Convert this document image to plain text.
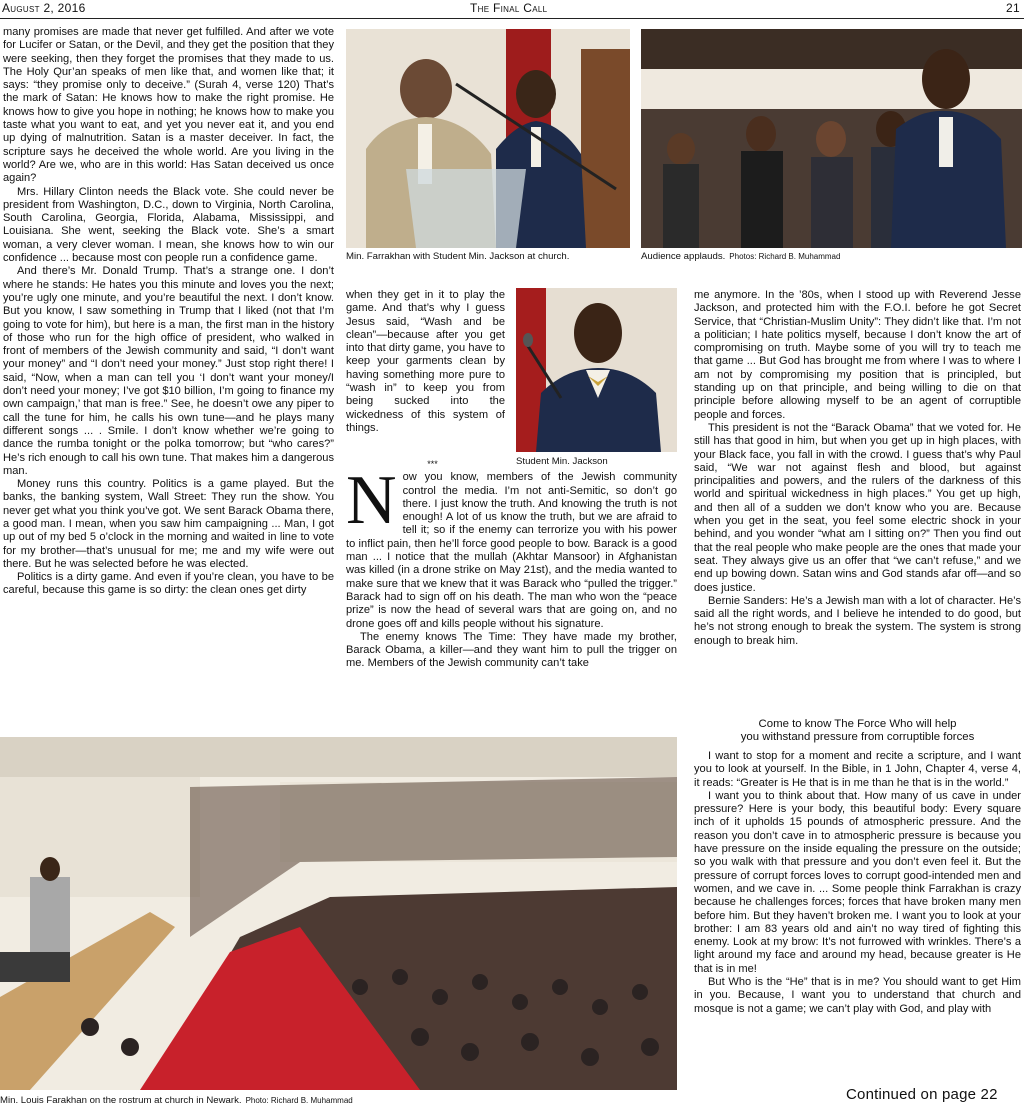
August 2, 2016	The Final Call	21

many promises are made that never get fulfilled. And after we vote for Lucifer or Satan, or the Devil, and they get the position that they were seeking, then they forget the promises that they made to us. The Holy Qur’an speaks of men like that, and women like that; it says: “they promise only to deceive.” (Surah 4, verse 120) That’s the mark of Satan: He knows how to make the right promise. He knows how to give you hope in nothing; he knows how to make you taste what you want to eat, and yet you never eat it, and you end up dying of malnutrition. Satan is a master deceiver. In fact, the scripture says he deceived the whole world. Are you living in the world? Are we, who are in this world: Has Satan deceived us once again?

Mrs. Hillary Clinton needs the Black vote. She could never be president from Washington, D.C., down to Virginia, North Carolina, South Carolina, Georgia, Florida, Alabama, Mississippi, and Louisiana. She went, seeking the Black vote. She’s a smart woman, a very clever woman. I mean, she knows how to win our confidence ... because most con people run a confidence game.

And there’s Mr. Donald Trump. That’s a strange one. I don’t where he stands: He hates you this minute and loves you the next; you’re ugly one minute, and you’re beautiful the next. I don’t know. But you know, I saw something in Trump that I liked (not that I’m going to vote for him), but here is a man, the first man in the history of those who run for the high office of president, who walked in front of members of the Jewish community and said, “I don’t want your money” and “I don’t need your money.” Just stop right there! I said, “Now, when a man can tell you ‘I don’t want your money/I don’t need your money; I’ve got $10 billion, I’m going to finance my own campaign,’ that man is free.” See, he doesn’t owe any piper to call the tune for him, he calls his own tune—and he plays many different songs ... . Smile. I don’t know whether we’re going to dance the rumba tonight or the polka tomorrow; but “who cares?” He’s rich enough to call his own tune. That makes him a dangerous man.

Money runs this country. Politics is a game played. But the banks, the banking system, Wall Street: They run the show. You never get what you think you’ve got. We sent Barack Obama there, a good man. I mean, when you saw him campaigning ... Man, I got up out of my bed 5 o’clock in the morning and waited in line to vote for my brother—that’s unusual for me; me and my wife were out there. But he was selected before he was elected.

Politics is a dirty game. And even if you’re clean, you have to be careful, because this game is so dirty: the clean ones get dirty

Min. Farrakhan with Student Min. Jackson at church.	Audience applauds. Photos: Richard B. Muhammad

when they get in it to play the game. And that’s why I guess Jesus said, “Wash and be clean”—because after you get into that dirty game, you have to keep your garments clean by having something more pure to “wash in” to keep you from being sucked into the wickedness of this system of things.

Student Min. Jackson

***

Now you know, members of the Jewish community control the media. I’m not anti-Semitic, so don’t go there. I just know the truth. And knowing the truth is not enough! A lot of us know the truth, but we are afraid to tell it; so if the enemy can terrorize you with his power to inflict pain, then he’ll force good people to bow. Barack is a good man ... I notice that the mullah (Akhtar Mansoor) in Afghanistan was killed (in a drone strike on May 21st), and the media wanted to make sure that we knew that it was Barack who “pulled the trigger.” Barack had to sign off on his death. The man who won the “peace prize” is now the head of several wars that are going on, and no drone goes off and kills people without his signature.

The enemy knows The Time: They have made my brother, Barack Obama, a killer—and they want him to pull the trigger on me. Members of the Jewish community can’t take

me anymore. In the ’80s, when I stood up with Reverend Jesse Jackson, and protected him with the F.O.I. before he got Secret Service, that “Christian-Muslim Unity”: They didn’t like that. I’m not a politician; I hate politics myself, because I don’t know the art of compromising on truth. Maybe some of you will try to teach me that game ... But God has brought me from where I was to where I am not by compromising my position that is principled, but standing up on that principle, and being willing to die on that principle before allowing myself to be an agent of corruptible people and forces.

This president is not the “Barack Obama” that we voted for. He still has that good in him, but when you get up in high places, with your Black face, you fall in with the crowd. I guess that’s why Paul said, “We war not against flesh and blood, but against principalities and powers, and the rulers of the darkness of this world and spiritual wickedness in high places.” You get up high, and then all of a sudden we don’t know who you are. Because when you get in the seat, you feel some electric shock in your behind, and you wonder “what am I sitting on?” Then you find out that the real people who make people are the ones that made your seat. They always give us an offer that “we can’t refuse,” and we end up bowing down. Satan wins and God stands afar off—and so does justice.

Bernie Sanders: He’s a Jewish man with a lot of character. He’s said all the right words, and I believe he intended to do good, but he’s not strong enough to break the system. The system is strong enough to break him.

Come to know The Force Who will help

you withstand pressure from corruptible forces

I want to stop for a moment and recite a scripture, and I want you to look at yourself. In the Bible, in 1 John, Chapter 4, verse 4, it reads: “Greater is He that is in me than he that is in the world.”

I want you to think about that. How many of us cave in under pressure? Here is your body, this beautiful body: Every square inch of it upholds 15 pounds of atmospheric pressure. And the reason you don’t cave in to atmospheric pressure is because you have pressure on the inside equaling the pressure on the outside; so you walk with that pressure and you don’t even feel it. But the pressure of corrupt forces loves to corrupt good-intended men and women, and we cave in. ... Some people think Farrakhan is crazy because he challenges forces; forces that have broken many men before him. But they haven’t broken me. I want you to look at your brother: I am 83 years old and ain’t no way tired of fighting this enemy. Look at my brow: It’s not furrowed with wrinkles. There’s a light around my face and around my head, because greater is He that is in me!

But Who is the “He” that is in me? You should want to get Him in you. Because, I want you to understand that church and mosque is not a game; we can’t play with God, and play with

Min. Louis Farakhan on the rostrum at church in Newark. Photo: Richard B. Muhammad	Continued on page 22
